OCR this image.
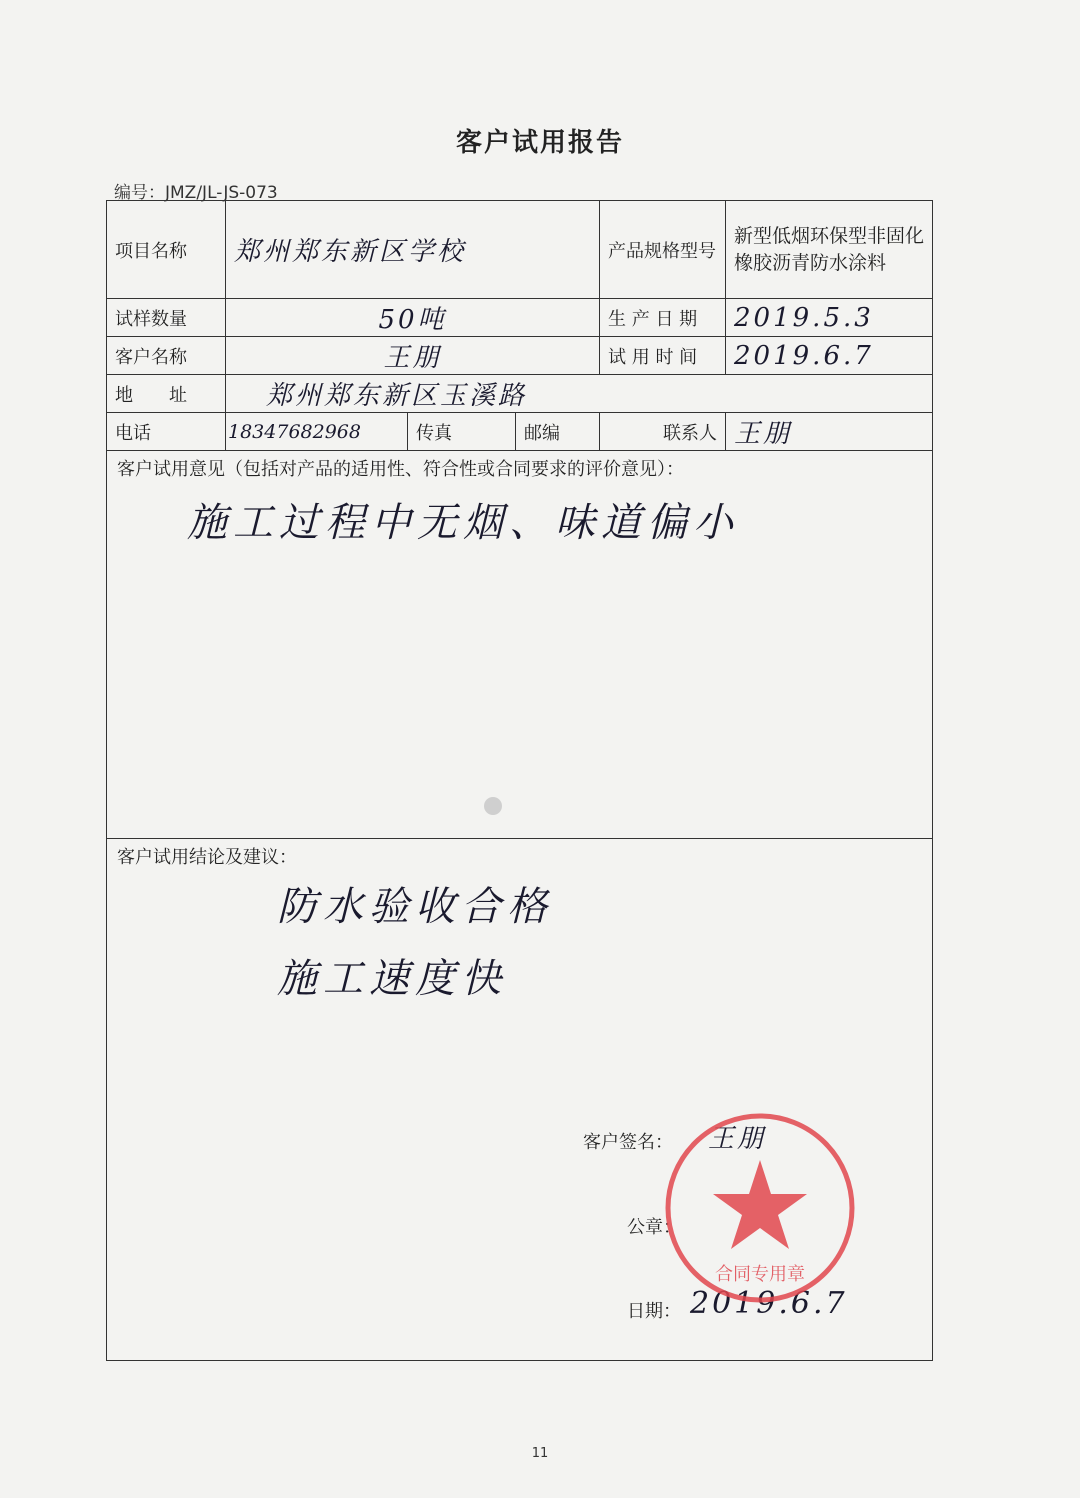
客户试用报告
编号：JMZ/JL-JS-073
项目名称	郑州郑东新区学校			产品规格型号	新型低烟环保型非固化橡胶沥青防水涂料
试样数量	50吨			生 产 日 期	2019.5.3
客户名称	王朋			试 用 时 间	2019.6.7
地　　址	郑州郑东新区玉溪路				
电话	18347682968	传真	邮编	联系人	王朋

客户试用意见（包括对产品的适用性、符合性或合同要求的评价意见）：
施工过程中无烟、味道偏小					

客户试用结论及建议：
防水验收合格
施工速度快					
客户签名： 王朋
公章：
日期： 2019.6.7
合同专用章
11
